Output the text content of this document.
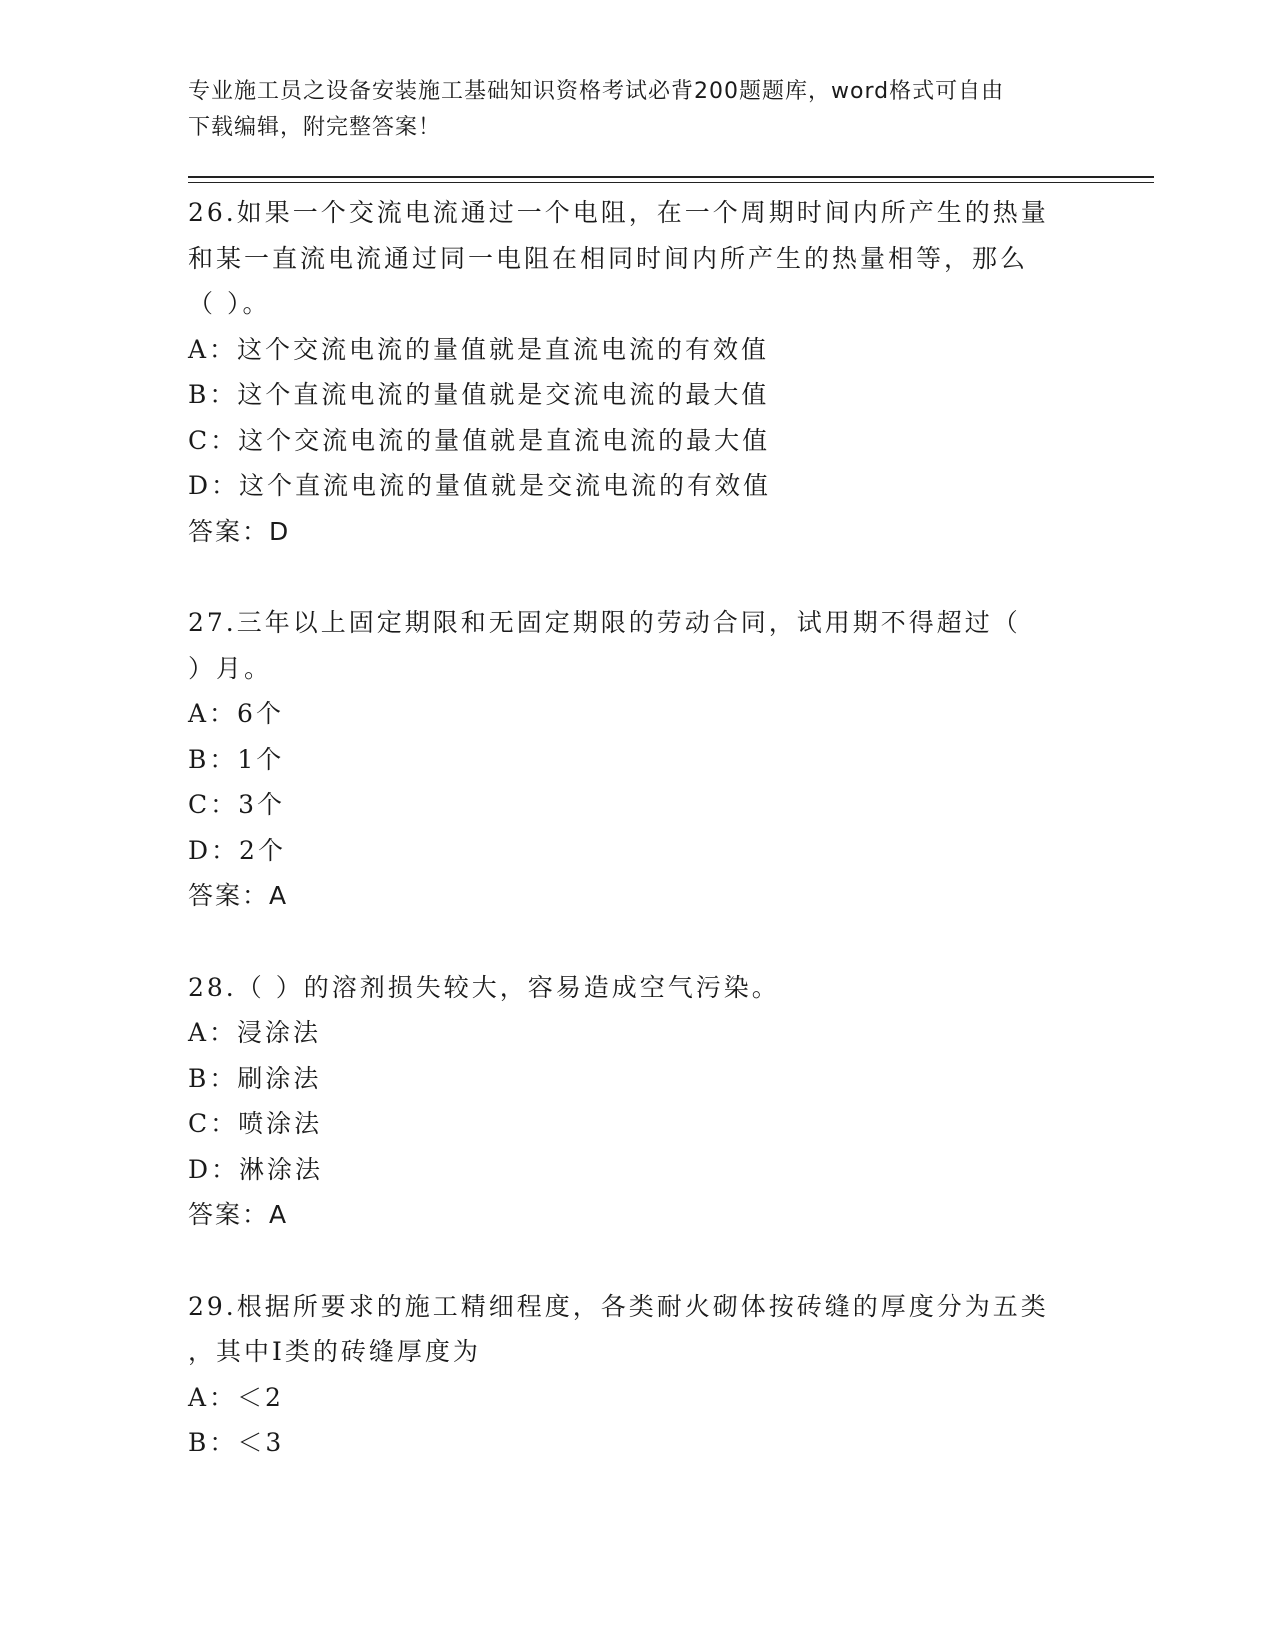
专业施工员之设备安装施工基础知识资格考试必背200题题库，word格式可自由
下载编辑，附完整答案！
26.如果一个交流电流通过一个电阻，在一个周期时间内所产生的热量
和某一直流电流通过同一电阻在相同时间内所产生的热量相等，那么
（ ）。
A：这个交流电流的量值就是直流电流的有效值
B：这个直流电流的量值就是交流电流的最大值
C：这个交流电流的量值就是直流电流的最大值
D：这个直流电流的量值就是交流电流的有效值
答案：D
27.三年以上固定期限和无固定期限的劳动合同，试用期不得超过（
）月。
A：6个
B：1个
C：3个
D：2个
答案：A
28.（ ）的溶剂损失较大，容易造成空气污染。
A：浸涂法
B：刷涂法
C：喷涂法
D：淋涂法
答案：A
29.根据所要求的施工精细程度，各类耐火砌体按砖缝的厚度分为五类
，其中Ⅰ类的砖缝厚度为
A：＜2
B：＜3
